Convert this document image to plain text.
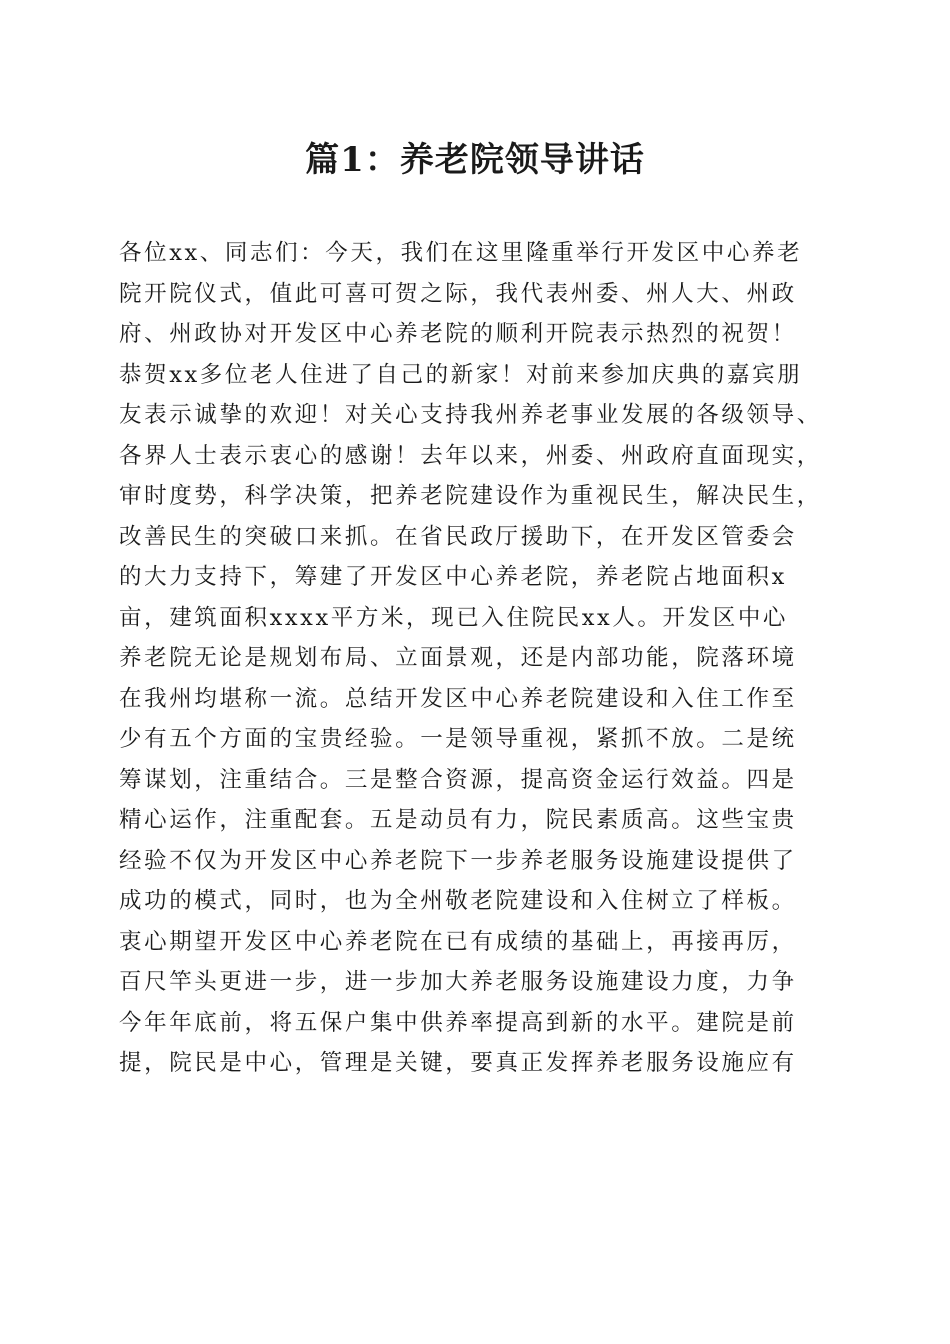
篇1：养老院领导讲话
各位xx、同志们：今天，我们在这里隆重举行开发区中心养老
院开院仪式，值此可喜可贺之际，我代表州委、州人大、州政
府、州政协对开发区中心养老院的顺利开院表示热烈的祝贺！
恭贺xx多位老人住进了自己的新家！对前来参加庆典的嘉宾朋
友表示诚挚的欢迎！对关心支持我州养老事业发展的各级领导、
各界人士表示衷心的感谢！去年以来，州委、州政府直面现实，
审时度势，科学决策，把养老院建设作为重视民生，解决民生，
改善民生的突破口来抓。在省民政厅援助下，在开发区管委会
的大力支持下，筹建了开发区中心养老院，养老院占地面积x
亩，建筑面积xxxx平方米，现已入住院民xx人。开发区中心
养老院无论是规划布局、立面景观，还是内部功能，院落环境
在我州均堪称一流。总结开发区中心养老院建设和入住工作至
少有五个方面的宝贵经验。一是领导重视，紧抓不放。二是统
筹谋划，注重结合。三是整合资源，提高资金运行效益。四是
精心运作，注重配套。五是动员有力，院民素质高。这些宝贵
经验不仅为开发区中心养老院下一步养老服务设施建设提供了
成功的模式，同时，也为全州敬老院建设和入住树立了样板。
衷心期望开发区中心养老院在已有成绩的基础上，再接再厉，
百尺竿头更进一步，进一步加大养老服务设施建设力度，力争
今年年底前，将五保户集中供养率提高到新的水平。建院是前
提，院民是中心，管理是关键，要真正发挥养老服务设施应有
